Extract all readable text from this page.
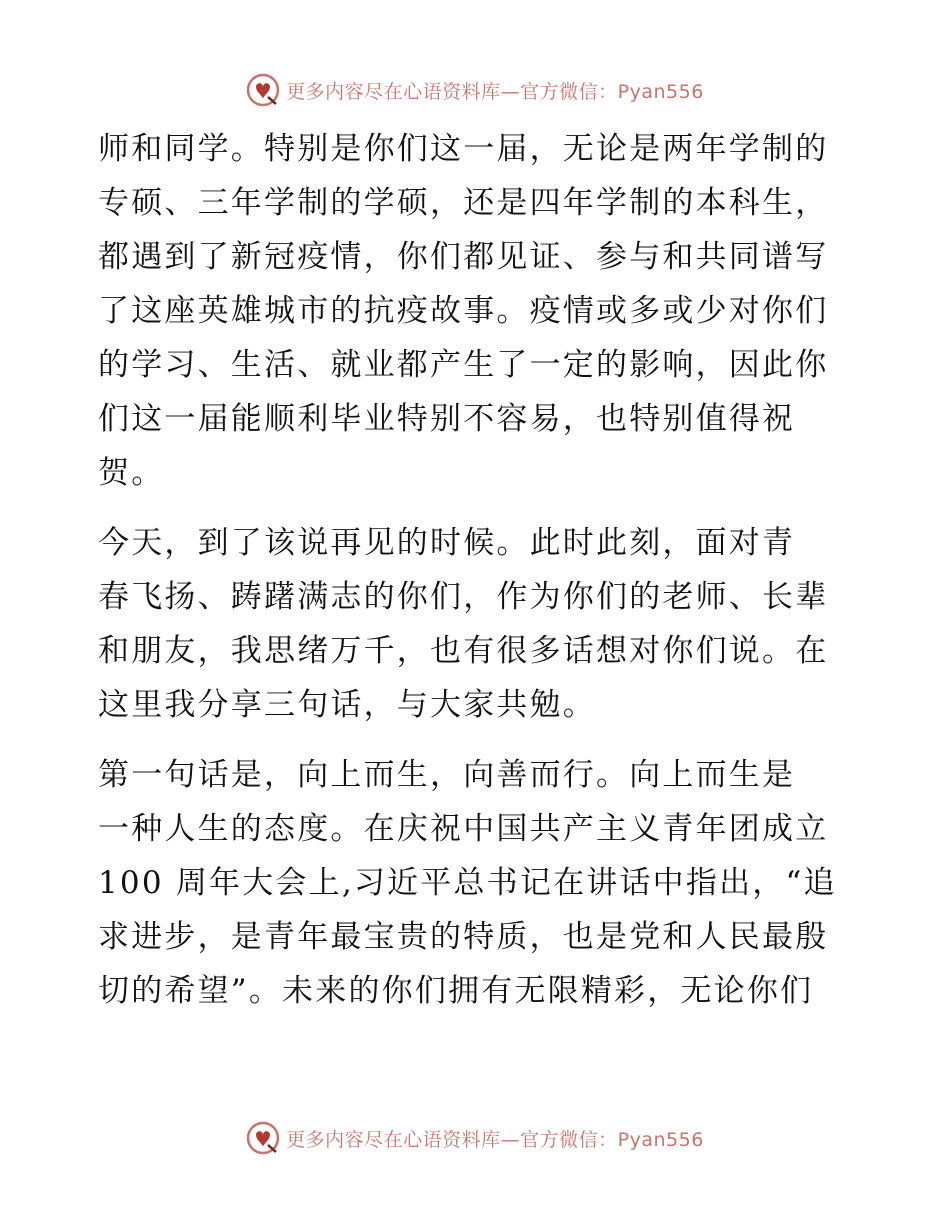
更多内容尽在心语资料库—官方微信：Pyan556
师和同学。特别是你们这一届，无论是两年学制的
专硕、三年学制的学硕，还是四年学制的本科生，
都遇到了新冠疫情，你们都见证、参与和共同谱写
了这座英雄城市的抗疫故事。疫情或多或少对你们
的学习、生活、就业都产生了一定的影响，因此你
们这一届能顺利毕业特别不容易，也特别值得祝
贺。
今天，到了该说再见的时候。此时此刻，面对青
春飞扬、踌躇满志的你们，作为你们的老师、长辈
和朋友，我思绪万千，也有很多话想对你们说。在
这里我分享三句话，与大家共勉。
第一句话是，向上而生，向善而行。向上而生是
一种人生的态度。在庆祝中国共产主义青年团成立
100 周年大会上,习近平总书记在讲话中指出，“追
求进步，是青年最宝贵的特质，也是党和人民最殷
切的希望”。未来的你们拥有无限精彩，无论你们
更多内容尽在心语资料库—官方微信：Pyan556
